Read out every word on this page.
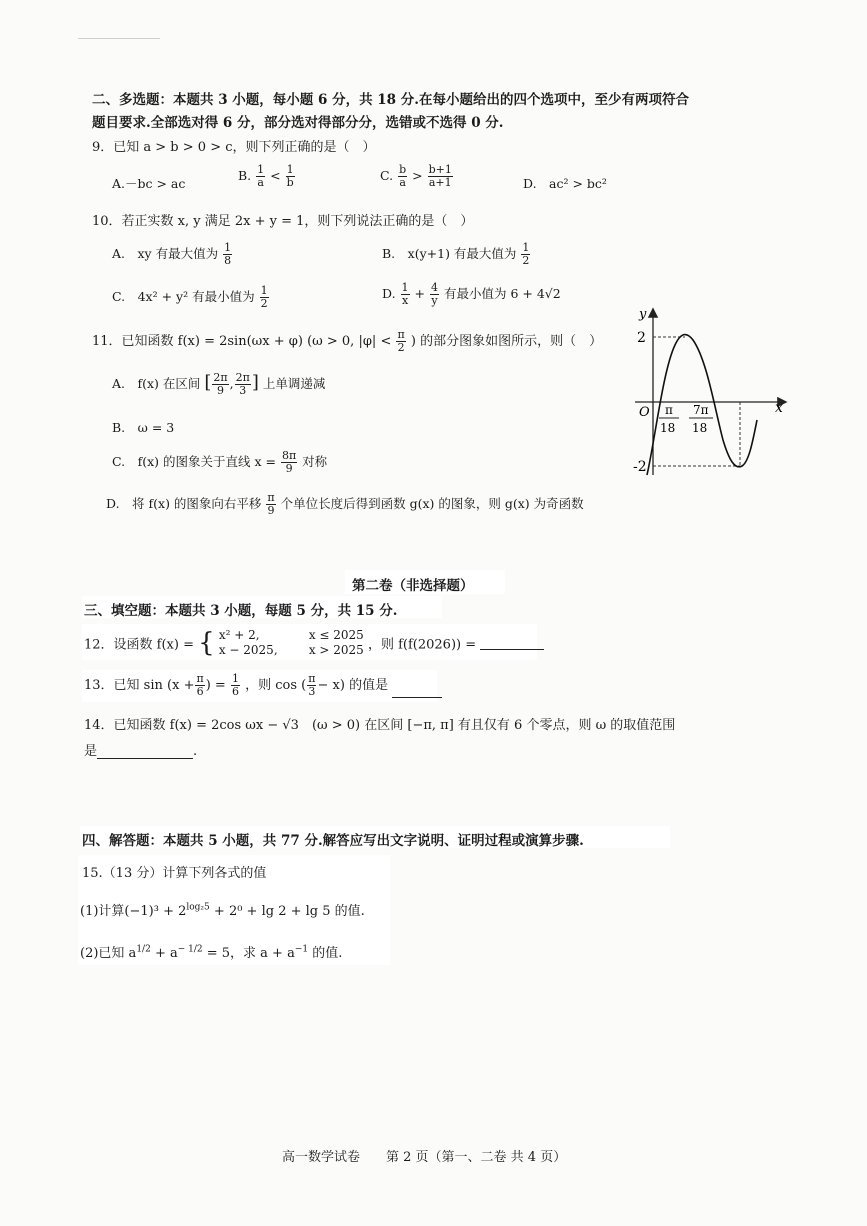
二、多选题：本题共 3 小题，每小题 6 分，共 18 分.在每小题给出的四个选项中，至少有两项符合
题目要求.全部选对得 6 分，部分选对得部分分，选错或不选得 0 分.
9．已知 a > b > 0 > c，则下列正确的是（　）
A.－bc > ac
B. $\frac{1}{a} < \frac{1}{b}$	C. $\frac{b}{a} > \frac{b+1}{a+1}$	D.　ac² > bc²
10．若正实数 x, y 满足 2x + y = 1，则下列说法正确的是（　）
A.　xy 有最大值为 $\frac{1}{8}$	B.　x(y+1) 有最大值为 $\frac{1}{2}$
C.　4x² + y² 有最小值为 $\frac{1}{2}$	D. $\frac{1}{x} + \frac{4}{y}$ 有最小值为 6 + 4√2
11．已知函数 f(x) = 2sin(ωx + φ) (ω > 0, $|\varphi| < \frac{\pi}{2}$ ) 的部分图象如图所示，则（　）
A.　f(x) 在区间 [ $\frac{2\pi}{9}$ , $\frac{2\pi}{3}$ ] 上单调递减
B.　ω = 3
C.　f(x) 的图象关于直线 $x = \frac{8\pi}{9}$ 对称
D.　将 f(x) 的图象向右平移 $\frac{\pi}{9}$ 个单位长度后得到函数 g(x) 的图象，则 g(x) 为奇函数
y
x
O
2
-2
π
18
7π
18
第二卷（非选择题）
三、填空题：本题共 3 小题，每题 5 分，共 15 分.
12．设函数 f(x) = { x² + 2,	x ≤ 2025
x − 2025,	x > 2025 ，则 f(f(2026)) =
13．已知 $\sin (x + \frac{\pi}{6}$ ) = $\frac{1}{6}$ ，则 cos ( $\frac{\pi}{3} - x$) 的值是
14．已知函数 f(x) = 2cos ωx − √3　(ω > 0) 在区间 [−π, π] 有且仅有 6 个零点，则 ω 的取值范围
是	.
四、解答题：本题共 5 小题，共 77 分.解答应写出文字说明、证明过程或演算步骤.
15.（13 分）计算下列各式的值
(1)计算$(-1)^3 + 2^{log_25} + 2^0 + \lg 2 + \lg 5$ 的值.
(2)已知 $a^{1/2} + a^{- 1/2} = 5$，求 $a + a^{-1}$ 的值.
高一数学试卷　　第 2 页（第一、二卷 共 4 页）
